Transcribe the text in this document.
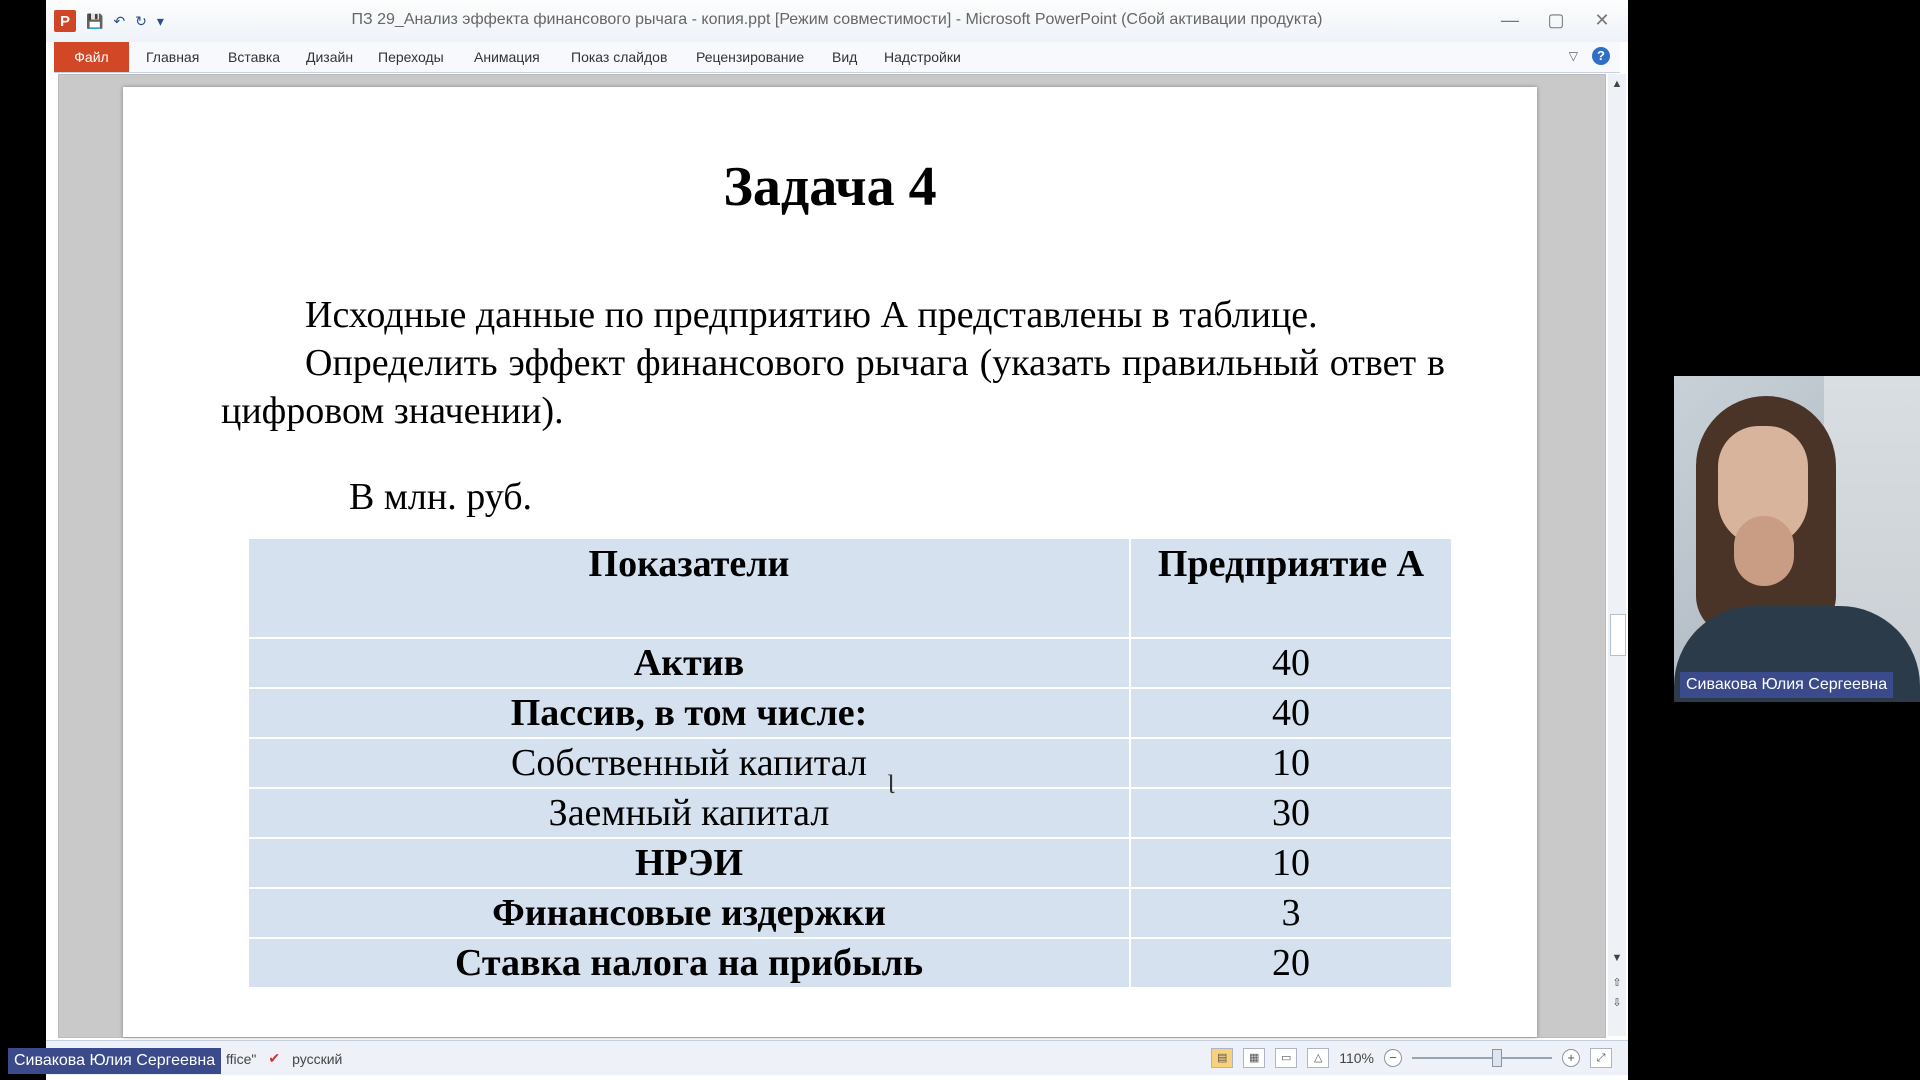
P	💾 ↶ ↻ ▾	ПЗ 29_Анализ эффекта финансового рычага - копия.ppt [Режим совместимости] - Microsoft PowerPoint (Сбой активации продукта)	—	▢	✕
Файл	Главная Вставка Дизайн Переходы Анимация Показ слайдов Рецензирование Вид Надстройки	▽	?
Задача 4
Исходные данные по предприятию А представлены в таблице.
Определить эффект финансового рычага (указать правильный ответ в цифровом значении).
В млн. руб.
Показатели	Предприятие А
Актив	40
Пассив, в том числе:	40
Собственный капитал	10
Заемный капитал	30
НРЭИ	10
Финансовые издержки	3
Ставка налога на прибыль	20
Ɩ
▲
▼
⇧
⇩
ffice" ✔ русский	▤	▦	▭	△	110%	−	+	⤢
Сивакова Юлия Сергеевна
Сивакова Юлия Сергеевна
